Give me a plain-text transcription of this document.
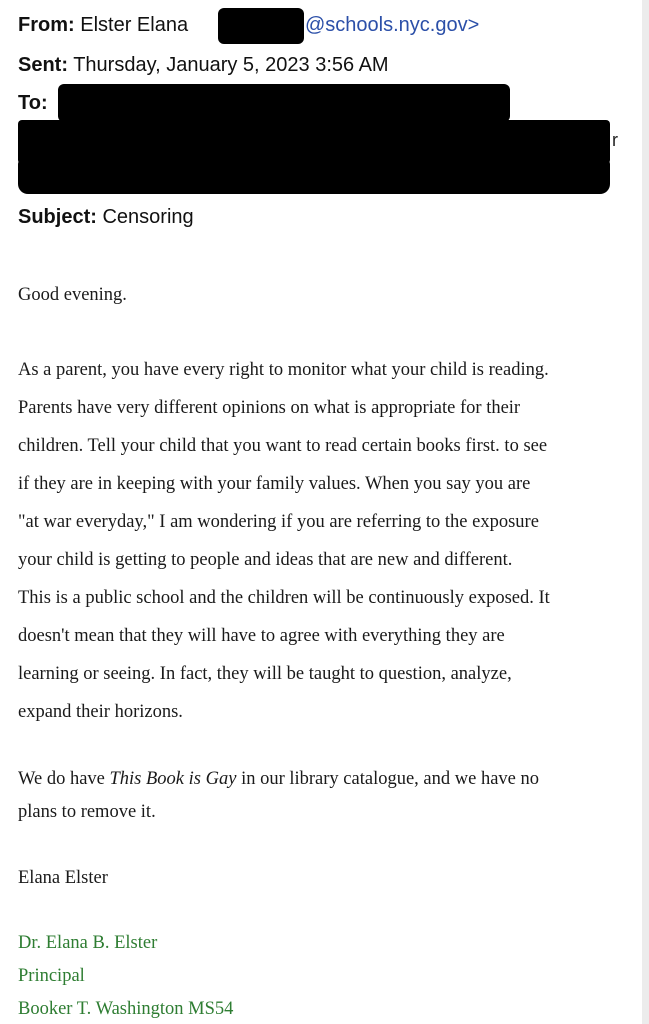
From: Elster Elana	@schools.nyc.gov>
Sent: Thursday, January 5, 2023 3:56 AM
To:
r
Subject: Censoring
Good evening.
As a parent, you have every right to monitor what your child is reading.
Parents have very different opinions on what is appropriate for their
children. Tell your child that you want to read certain books first. to see
if they are in keeping with your family values. When you say you are
"at war everyday," I am wondering if you are referring to the exposure
your child is getting to people and ideas that are new and different.
This is a public school and the children will be continuously exposed. It
doesn't mean that they will have to agree with everything they are
learning or seeing. In fact, they will be taught to question, analyze,
expand their horizons.
We do have This Book is Gay in our library catalogue, and we have no
plans to remove it.
Elana Elster
Dr. Elana B. Elster
Principal
Booker T. Washington MS54
